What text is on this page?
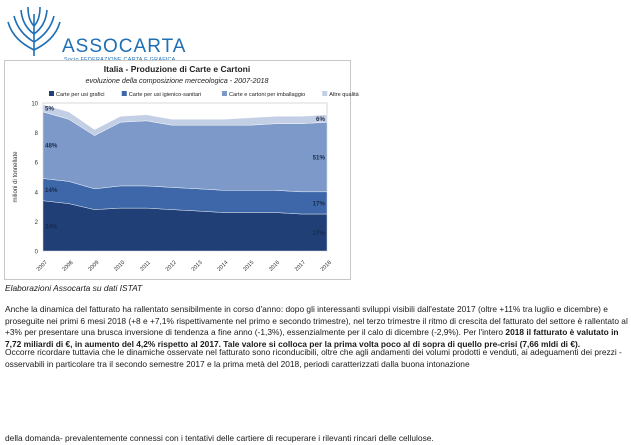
ASSOCARTA
Italia - Produzione di Carte e Cartoni
evoluzione della composizione merceologica - 2007-2018
0
2
4
6
8
10
milioni di tonnellate
2007 2008 2009 2010 2011 2012 2013 2014 2015 2016 2017 2018
Carte per usi grafici	Carte per usi igienico-sanitari	Carte e cartoni per imballaggio	Altre qualità
5%
48%
14%
34%
6%
51%
17%
27%
Elaborazioni Assocarta su dati ISTAT
Anche la dinamica del fatturato ha rallentato sensibilmente in corso d'anno: dopo gli interessanti sviluppi visibili dall'estate 2017 (oltre +11% tra luglio e dicembre) e proseguite nei primi 6 mesi 2018 (+8 e +7,1% rispettivamente nel primo e secondo trimestre), nel terzo trimestre il ritmo di crescita del fatturato del settore è rallentato al +3% per presentare una brusca inversione di tendenza a fine anno (-1,3%), essenzialmente per il calo di dicembre (-2,9%). Per l'intero 2018 il fatturato è valutato in 7,72 miliardi di €, in aumento del 4,2% rispetto al 2017. Tale valore si colloca per la prima volta poco al di sopra di quello pre-crisi (7,66 mldi di €).
Occorre ricordare tuttavia che le dinamiche osservate nel fatturato sono riconducibili, oltre che agli andamenti dei volumi prodotti e venduti, ai adeguamenti dei prezzi -osservabili in particolare tra il secondo semestre 2017 e la prima metà del 2018, periodi caratterizzati dalla buona intonazione
della domanda- prevalentemente connessi con i tentativi delle cartiere di recuperare i rilevanti rincari delle cellulose.
